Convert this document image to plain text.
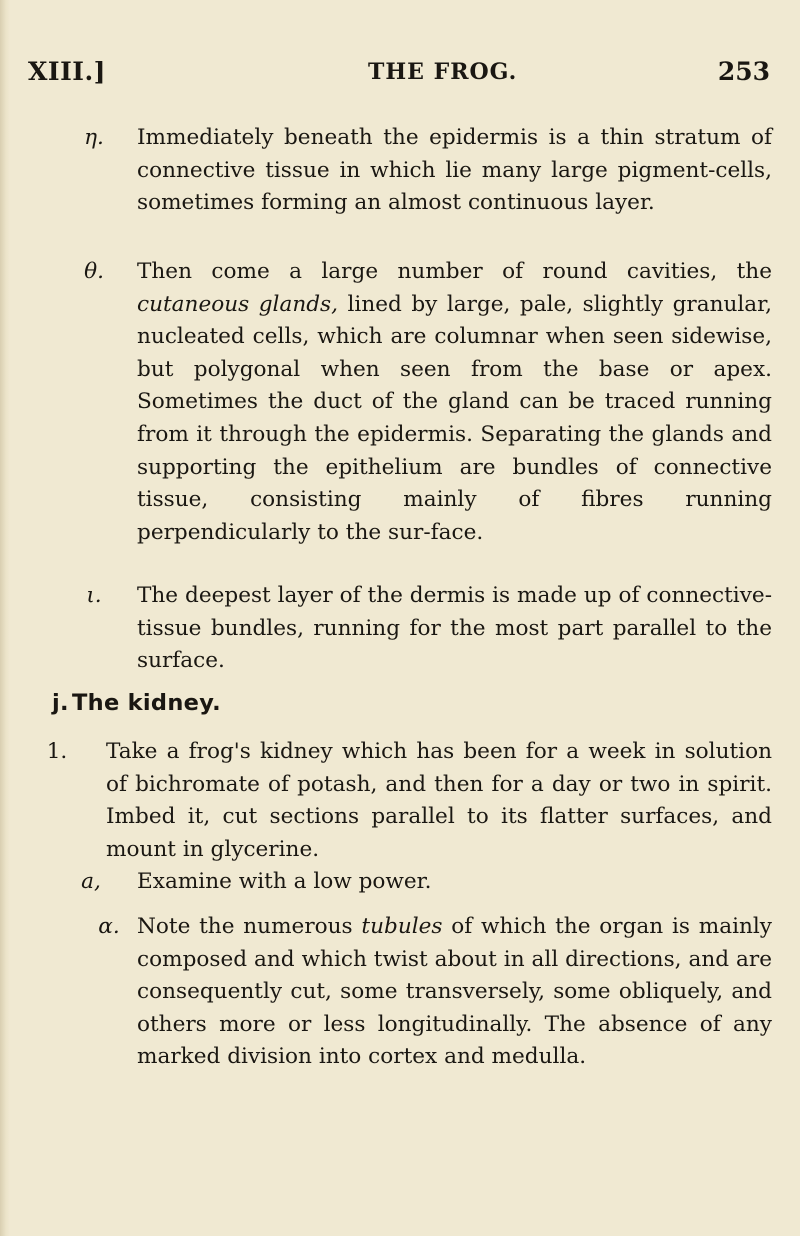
XIII.]	THE FROG.	253

η.	Immediately beneath the epidermis is a thin stratum of connective tissue in which lie many large pigment-cells, sometimes forming an almost continuous layer.

θ.	Then come a large number of round cavities, the cutaneous glands, lined by large, pale, slightly granular, nucleated cells, which are columnar when seen sidewise, but polygonal when seen from the base or apex. Sometimes the duct of the gland can be traced running from it through the epidermis. Separating the glands and supporting the epithelium are bundles of connective tissue, consisting mainly of fibres running perpendicularly to the sur-face.

ι.	The deepest layer of the dermis is made up of connective-tissue bundles, running for the most part parallel to the surface.

j. The kidney.

1.	Take a frog's kidney which has been for a week in solution of bichromate of potash, and then for a day or two in spirit. Imbed it, cut sections parallel to its flatter surfaces, and mount in glycerine.

a,	Examine with a low power.

α. Note the numerous tubules of which the organ is mainly composed and which twist about in all directions, and are consequently cut, some transversely, some obliquely, and others more or less longitudinally. The absence of any marked division into cortex and medulla.
